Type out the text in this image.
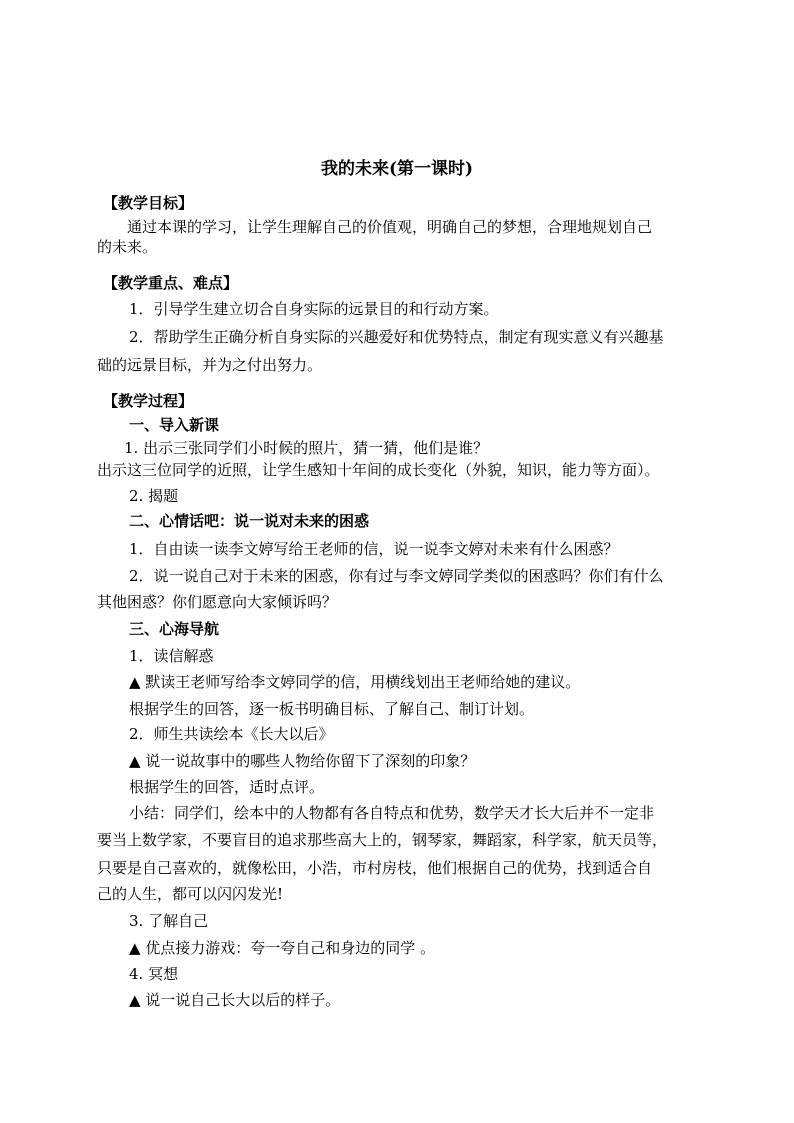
我的未来(第一课时)
【教学目标】
通过本课的学习，让学生理解自己的价值观，明确自己的梦想，合理地规划自己
的未来。
【教学重点、难点】
1．引导学生建立切合自身实际的远景目的和行动方案。
2．帮助学生正确分析自身实际的兴趣爱好和优势特点，制定有现实意义有兴趣基
础的远景目标，并为之付出努力。
【教学过程】
一、导入新课
1. 出示三张同学们小时候的照片，猜一猜，他们是谁？
出示这三位同学的近照，让学生感知十年间的成长变化（外貌，知识，能力等方面）。
2. 揭题
二、心情话吧：说一说对未来的困惑
1．自由读一读李文婷写给王老师的信，说一说李文婷对未来有什么困惑？
2．说一说自己对于未来的困惑，你有过与李文婷同学类似的困惑吗？你们有什么
其他困惑？你们愿意向大家倾诉吗？
三、心海导航
1．读信解惑
▲ 默读王老师写给李文婷同学的信，用横线划出王老师给她的建议。
根据学生的回答，逐一板书明确目标、了解自己、制订计划。
2．师生共读绘本《长大以后》
▲ 说一说故事中的哪些人物给你留下了深刻的印象？
根据学生的回答，适时点评。
小结：同学们，绘本中的人物都有各自特点和优势，数学天才长大后并不一定非
要当上数学家，不要盲目的追求那些高大上的，钢琴家，舞蹈家，科学家，航天员等，
只要是自己喜欢的，就像松田，小浩，市村房枝，他们根据自己的优势，找到适合自
己的人生，都可以闪闪发光!
3. 了解自己
▲ 优点接力游戏：夸一夸自己和身边的同学 。
4. 冥想
▲ 说一说自己长大以后的样子。
